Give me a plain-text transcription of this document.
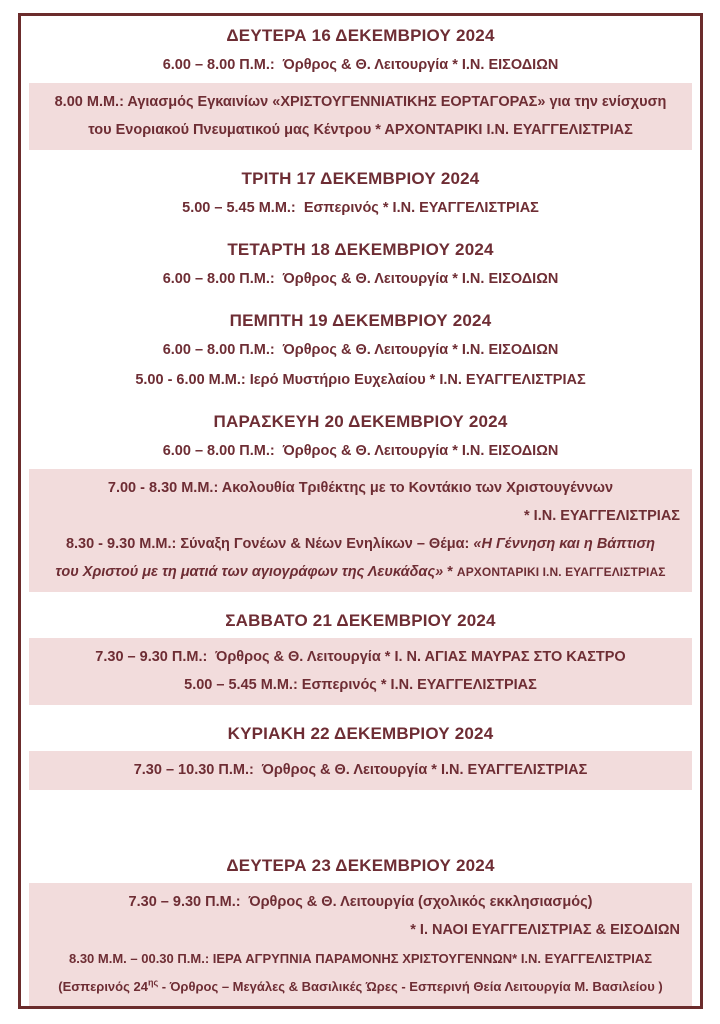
ΔΕΥΤΕΡΑ 16 ΔΕΚΕΜΒΡΙΟΥ 2024

6.00 – 8.00 Π.Μ.:  Όρθρος & Θ. Λειτουργία * Ι.Ν. ΕΙΣΟΔΙΩΝ

8.00 Μ.Μ.: Αγιασμός Εγκαινίων «ΧΡΙΣΤΟΥΓΕΝΝΙΑΤΙΚΗΣ ΕΟΡΤΑΓΟΡΑΣ» για την ενίσχυση

του Ενοριακού Πνευματικού μας Κέντρου * ΑΡΧΟΝΤΑΡΙΚΙ Ι.Ν. ΕΥΑΓΓΕΛΙΣΤΡΙΑΣ

ΤΡΙΤΗ 17 ΔΕΚΕΜΒΡΙΟΥ 2024

5.00 – 5.45 Μ.Μ.:  Εσπερινός * Ι.Ν. ΕΥΑΓΓΕΛΙΣΤΡΙΑΣ

ΤΕΤΑΡΤΗ 18 ΔΕΚΕΜΒΡΙΟΥ 2024

6.00 – 8.00 Π.Μ.:  Όρθρος & Θ. Λειτουργία * Ι.Ν. ΕΙΣΟΔΙΩΝ

ΠΕΜΠΤΗ 19 ΔΕΚΕΜΒΡΙΟΥ 2024

6.00 – 8.00 Π.Μ.:  Όρθρος & Θ. Λειτουργία * Ι.Ν. ΕΙΣΟΔΙΩΝ

5.00 - 6.00 Μ.Μ.: Ιερό Μυστήριο Ευχελαίου * Ι.Ν. ΕΥΑΓΓΕΛΙΣΤΡΙΑΣ

ΠΑΡΑΣΚΕΥΗ 20 ΔΕΚΕΜΒΡΙΟΥ 2024

6.00 – 8.00 Π.Μ.:  Όρθρος & Θ. Λειτουργία * Ι.Ν. ΕΙΣΟΔΙΩΝ

7.00 - 8.30 Μ.Μ.: Ακολουθία Τριθέκτης με το Κοντάκιο των Χριστουγέννων

* Ι.Ν. ΕΥΑΓΓΕΛΙΣΤΡΙΑΣ

8.30 - 9.30 Μ.Μ.: Σύναξη Γονέων & Νέων Ενηλίκων – Θέμα: «Η Γέννηση και η Βάπτιση

του Χριστού με τη ματιά των αγιογράφων της Λευκάδας» * ΑΡΧΟΝΤΑΡΙΚΙ Ι.Ν. ΕΥΑΓΓΕΛΙΣΤΡΙΑΣ

ΣΑΒΒΑΤΟ 21 ΔΕΚΕΜΒΡΙΟΥ 2024

7.30 – 9.30 Π.Μ.:  Όρθρος & Θ. Λειτουργία * Ι. Ν. ΑΓΙΑΣ ΜΑΥΡΑΣ ΣΤΟ ΚΑΣΤΡΟ

5.00 – 5.45 Μ.Μ.: Εσπερινός * Ι.Ν. ΕΥΑΓΓΕΛΙΣΤΡΙΑΣ

ΚΥΡΙΑΚΗ 22 ΔΕΚΕΜΒΡΙΟΥ 2024

7.30 – 10.30 Π.Μ.:  Όρθρος & Θ. Λειτουργία * Ι.Ν. ΕΥΑΓΓΕΛΙΣΤΡΙΑΣ

ΔΕΥΤΕΡΑ 23 ΔΕΚΕΜΒΡΙΟΥ 2024

7.30 – 9.30 Π.Μ.:  Όρθρος & Θ. Λειτουργία (σχολικός εκκλησιασμός)

* Ι. ΝΑΟΙ ΕΥΑΓΓΕΛΙΣΤΡΙΑΣ & ΕΙΣΟΔΙΩΝ

8.30 Μ.Μ. – 00.30 Π.Μ.: ΙΕΡΑ ΑΓΡΥΠΝΙΑ ΠΑΡΑΜΟΝΗΣ ΧΡΙΣΤΟΥΓΕΝΝΩΝ* Ι.Ν. ΕΥΑΓΓΕΛΙΣΤΡΙΑΣ

(Εσπερινός $24^{\eta\varsigma}$ - Όρθρος – Μεγάλες & Βασιλικές Ώρες - Εσπερινή Θεία Λειτουργία Μ. Βασιλείου )
